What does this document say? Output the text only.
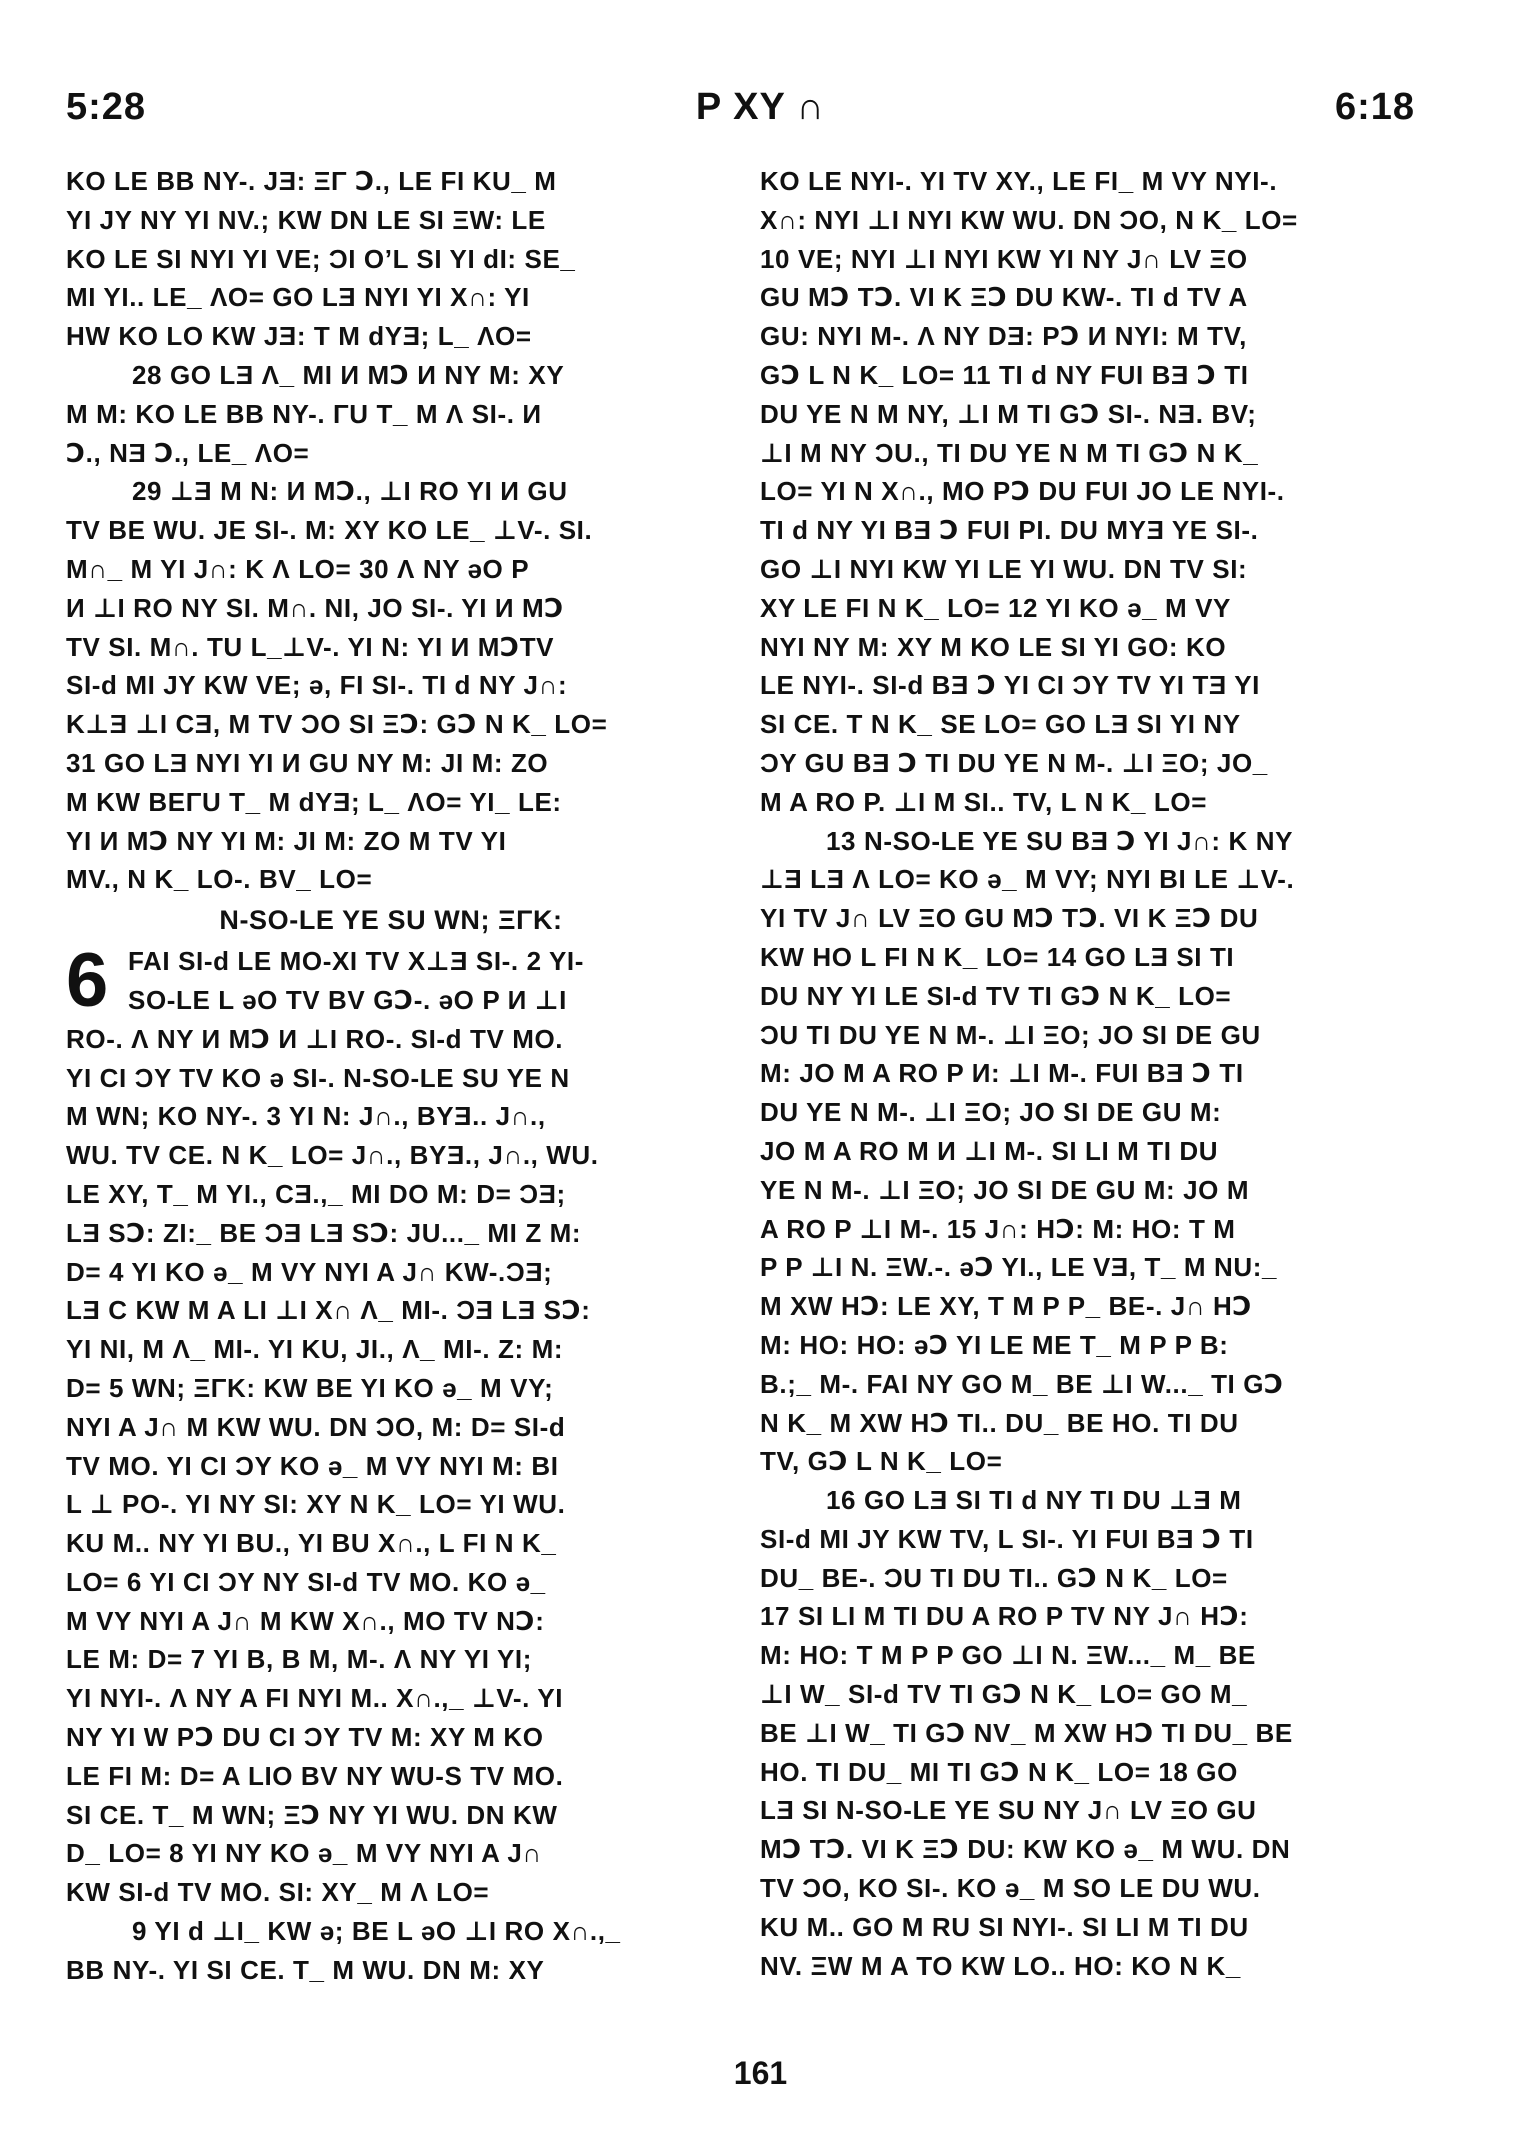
5:28	P XY ∩	6:18
KO LE BB NY-. JƎ: ΞΓ Ↄ., LE FI KU_ M
YI JY NY YI NV.; KW DN LE SI ΞW: LE
KO LE SI NYI YI VE; ƆI O’L SI YI dI: SE_
MI YI.. LE_ ΛO= GO LƎ NYI YI X∩: YI
HW KO LO KW JƎ: T M dYƎ; L_ ΛO=
28 GO LƎ Λ_ MI И MↃ И NY M: XY
M M: KO LE BB NY-. ΓU T_ M Λ SI-. И
Ↄ., NƎ Ↄ., LE_ ΛO=
29 ⊥Ǝ M N: И MↃ., ⊥I RO YI И GU
TV BE WU. JE SI-. M: XY KO LE_ ⊥V-. SI.
M∩_ M YI J∩: K Λ LO= 30 Λ NY ǝO P
И ⊥I RO NY SI. M∩. NI, JO SI-. YI И MↃ
TV SI. M∩. TU L_⊥V-. YI N: YI И MↃTV
SI-d MI JY KW VE; ǝ, FI SI-. TI d NY J∩:
K⊥Ǝ ⊥I CƎ, M TV ƆO SI ΞↃ: GↃ N K_ LO=
31 GO LƎ NYI YI И GU NY M: JI M: ZO
M KW BEΓU T_ M dYƎ; L_ ΛO= YI_ LE:
YI И MↃ NY YI M: JI M: ZO M TV YI
MV., N K_ LO-. BV_ LO=
N-SO-LE YE SU WN; ΞΓK:
6 FAI SI-d LE MO-XI TV X⊥Ǝ SI-. 2 YI-
SO-LE L ǝO TV BV GↃ-. ǝO P И ⊥I
RO-. Λ NY И MↃ И ⊥I RO-. SI-d TV MO.
YI CI ƆY TV KO ǝ SI-. N-SO-LE SU YE N
M WN; KO NY-. 3 YI N: J∩., BYƎ.. J∩.,
WU. TV CE. N K_ LO= J∩., BYƎ., J∩., WU.
LE XY, T_ M YI., CƎ.,_ MI DO M: D= ƆƎ;
LƎ SↃ: ZI:_ BE ƆƎ LƎ SↃ: JU..._ MI Z M:
D= 4 YI KO ǝ_ M VY NYI A J∩ KW-.ƆƎ;
LƎ C KW M A LI ⊥I X∩ Λ_ MI-. ƆƎ LƎ SↃ:
YI NI, M Λ_ MI-. YI KU, JI., Λ_ MI-. Z: M:
D= 5 WN; ΞΓK: KW BE YI KO ǝ_ M VY;
NYI A J∩ M KW WU. DN ƆO, M: D= SI-d
TV MO. YI CI ƆY KO ǝ_ M VY NYI M: BI
L ⊥ PO-. YI NY SI: XY N K_ LO= YI WU.
KU M.. NY YI BU., YI BU X∩., L FI N K_
LO= 6 YI CI ƆY NY SI-d TV MO. KO ǝ_
M VY NYI A J∩ M KW X∩., MO TV NↃ:
LE M: D= 7 YI B, B M, M-. Λ NY YI YI;
YI NYI-. Λ NY A FI NYI M.. X∩.,_ ⊥V-. YI
NY YI W PↃ DU CI ƆY TV M: XY M KO
LE FI M: D= A LIO BV NY WU-S TV MO.
SI CE. T_ M WN; ΞↃ NY YI WU. DN KW
D_ LO= 8 YI NY KO ǝ_ M VY NYI A J∩
KW SI-d TV MO. SI: XY_ M Λ LO=
9 YI d ⊥I_ KW ǝ; BE L ǝO ⊥I RO X∩.,_
BB NY-. YI SI CE. T_ M WU. DN M: XY
KO LE NYI-. YI TV XY., LE FI_ M VY NYI-.
X∩: NYI ⊥I NYI KW WU. DN ƆO, N K_ LO=
10 VE; NYI ⊥I NYI KW YI NY J∩ LV ΞO
GU MↃ TↃ. VI K ΞↃ DU KW-. TI d TV A
GU: NYI M-. Λ NY DƎ: PↃ И NYI: M TV,
GↃ L N K_ LO= 11 TI d NY FUI BƎ Ↄ TI
DU YE N M NY, ⊥I M TI GↃ SI-. NƎ. BV;
⊥I M NY ƆU., TI DU YE N M TI GↃ N K_
LO= YI N X∩., MO PↃ DU FUI JO LE NYI-.
TI d NY YI BƎ Ↄ FUI PI. DU MYƎ YE SI-.
GO ⊥I NYI KW YI LE YI WU. DN TV SI:
XY LE FI N K_ LO= 12 YI KO ǝ_ M VY
NYI NY M: XY M KO LE SI YI GO: KO
LE NYI-. SI-d BƎ Ↄ YI CI ƆY TV YI TƎ YI
SI CE. T N K_ SE LO= GO LƎ SI YI NY
ƆY GU BƎ Ↄ TI DU YE N M-. ⊥I ΞO; JO_
M A RO P. ⊥I M SI.. TV, L N K_ LO=
13 N-SO-LE YE SU BƎ Ↄ YI J∩: K NY
⊥Ǝ LƎ Λ LO= KO ǝ_ M VY; NYI BI LE ⊥V-.
YI TV J∩ LV ΞO GU MↃ TↃ. VI K ΞↃ DU
KW HO L FI N K_ LO= 14 GO LƎ SI TI
DU NY YI LE SI-d TV TI GↃ N K_ LO=
ƆU TI DU YE N M-. ⊥I ΞO; JO SI DE GU
M: JO M A RO P И: ⊥I M-. FUI BƎ Ↄ TI
DU YE N M-. ⊥I ΞO; JO SI DE GU M:
JO M A RO M И ⊥I M-. SI LI M TI DU
YE N M-. ⊥I ΞO; JO SI DE GU M: JO M
A RO P ⊥I M-. 15 J∩: HↃ: M: HO: T M
P P ⊥I N. ΞW.-. ǝↃ YI., LE VƎ, T_ M NU:_
M XW HↃ: LE XY, T M P P_ BE-. J∩ HↃ
M: HO: HO: ǝↃ YI LE ME T_ M P P B:
B.;_ M-. FAI NY GO M_ BE ⊥I W..._ TI GↃ
N K_ M XW HↃ TI.. DU_ BE HO. TI DU
TV, GↃ L N K_ LO=
16 GO LƎ SI TI d NY TI DU ⊥Ǝ M
SI-d MI JY KW TV, L SI-. YI FUI BƎ Ↄ TI
DU_ BE-. ƆU TI DU TI.. GↃ N K_ LO=
17 SI LI M TI DU A RO P TV NY J∩ HↃ:
M: HO: T M P P GO ⊥I N. ΞW..._ M_ BE
⊥I W_ SI-d TV TI GↃ N K_ LO= GO M_
BE ⊥I W_ TI GↃ NV_ M XW HↃ TI DU_ BE
HO. TI DU_ MI TI GↃ N K_ LO= 18 GO
LƎ SI N-SO-LE YE SU NY J∩ LV ΞO GU
MↃ TↃ. VI K ΞↃ DU: KW KO ǝ_ M WU. DN
TV ƆO, KO SI-. KO ǝ_ M SO LE DU WU.
KU M.. GO M RU SI NYI-. SI LI M TI DU
NV. ΞW M A TO KW LO.. HO: KO N K_
161
